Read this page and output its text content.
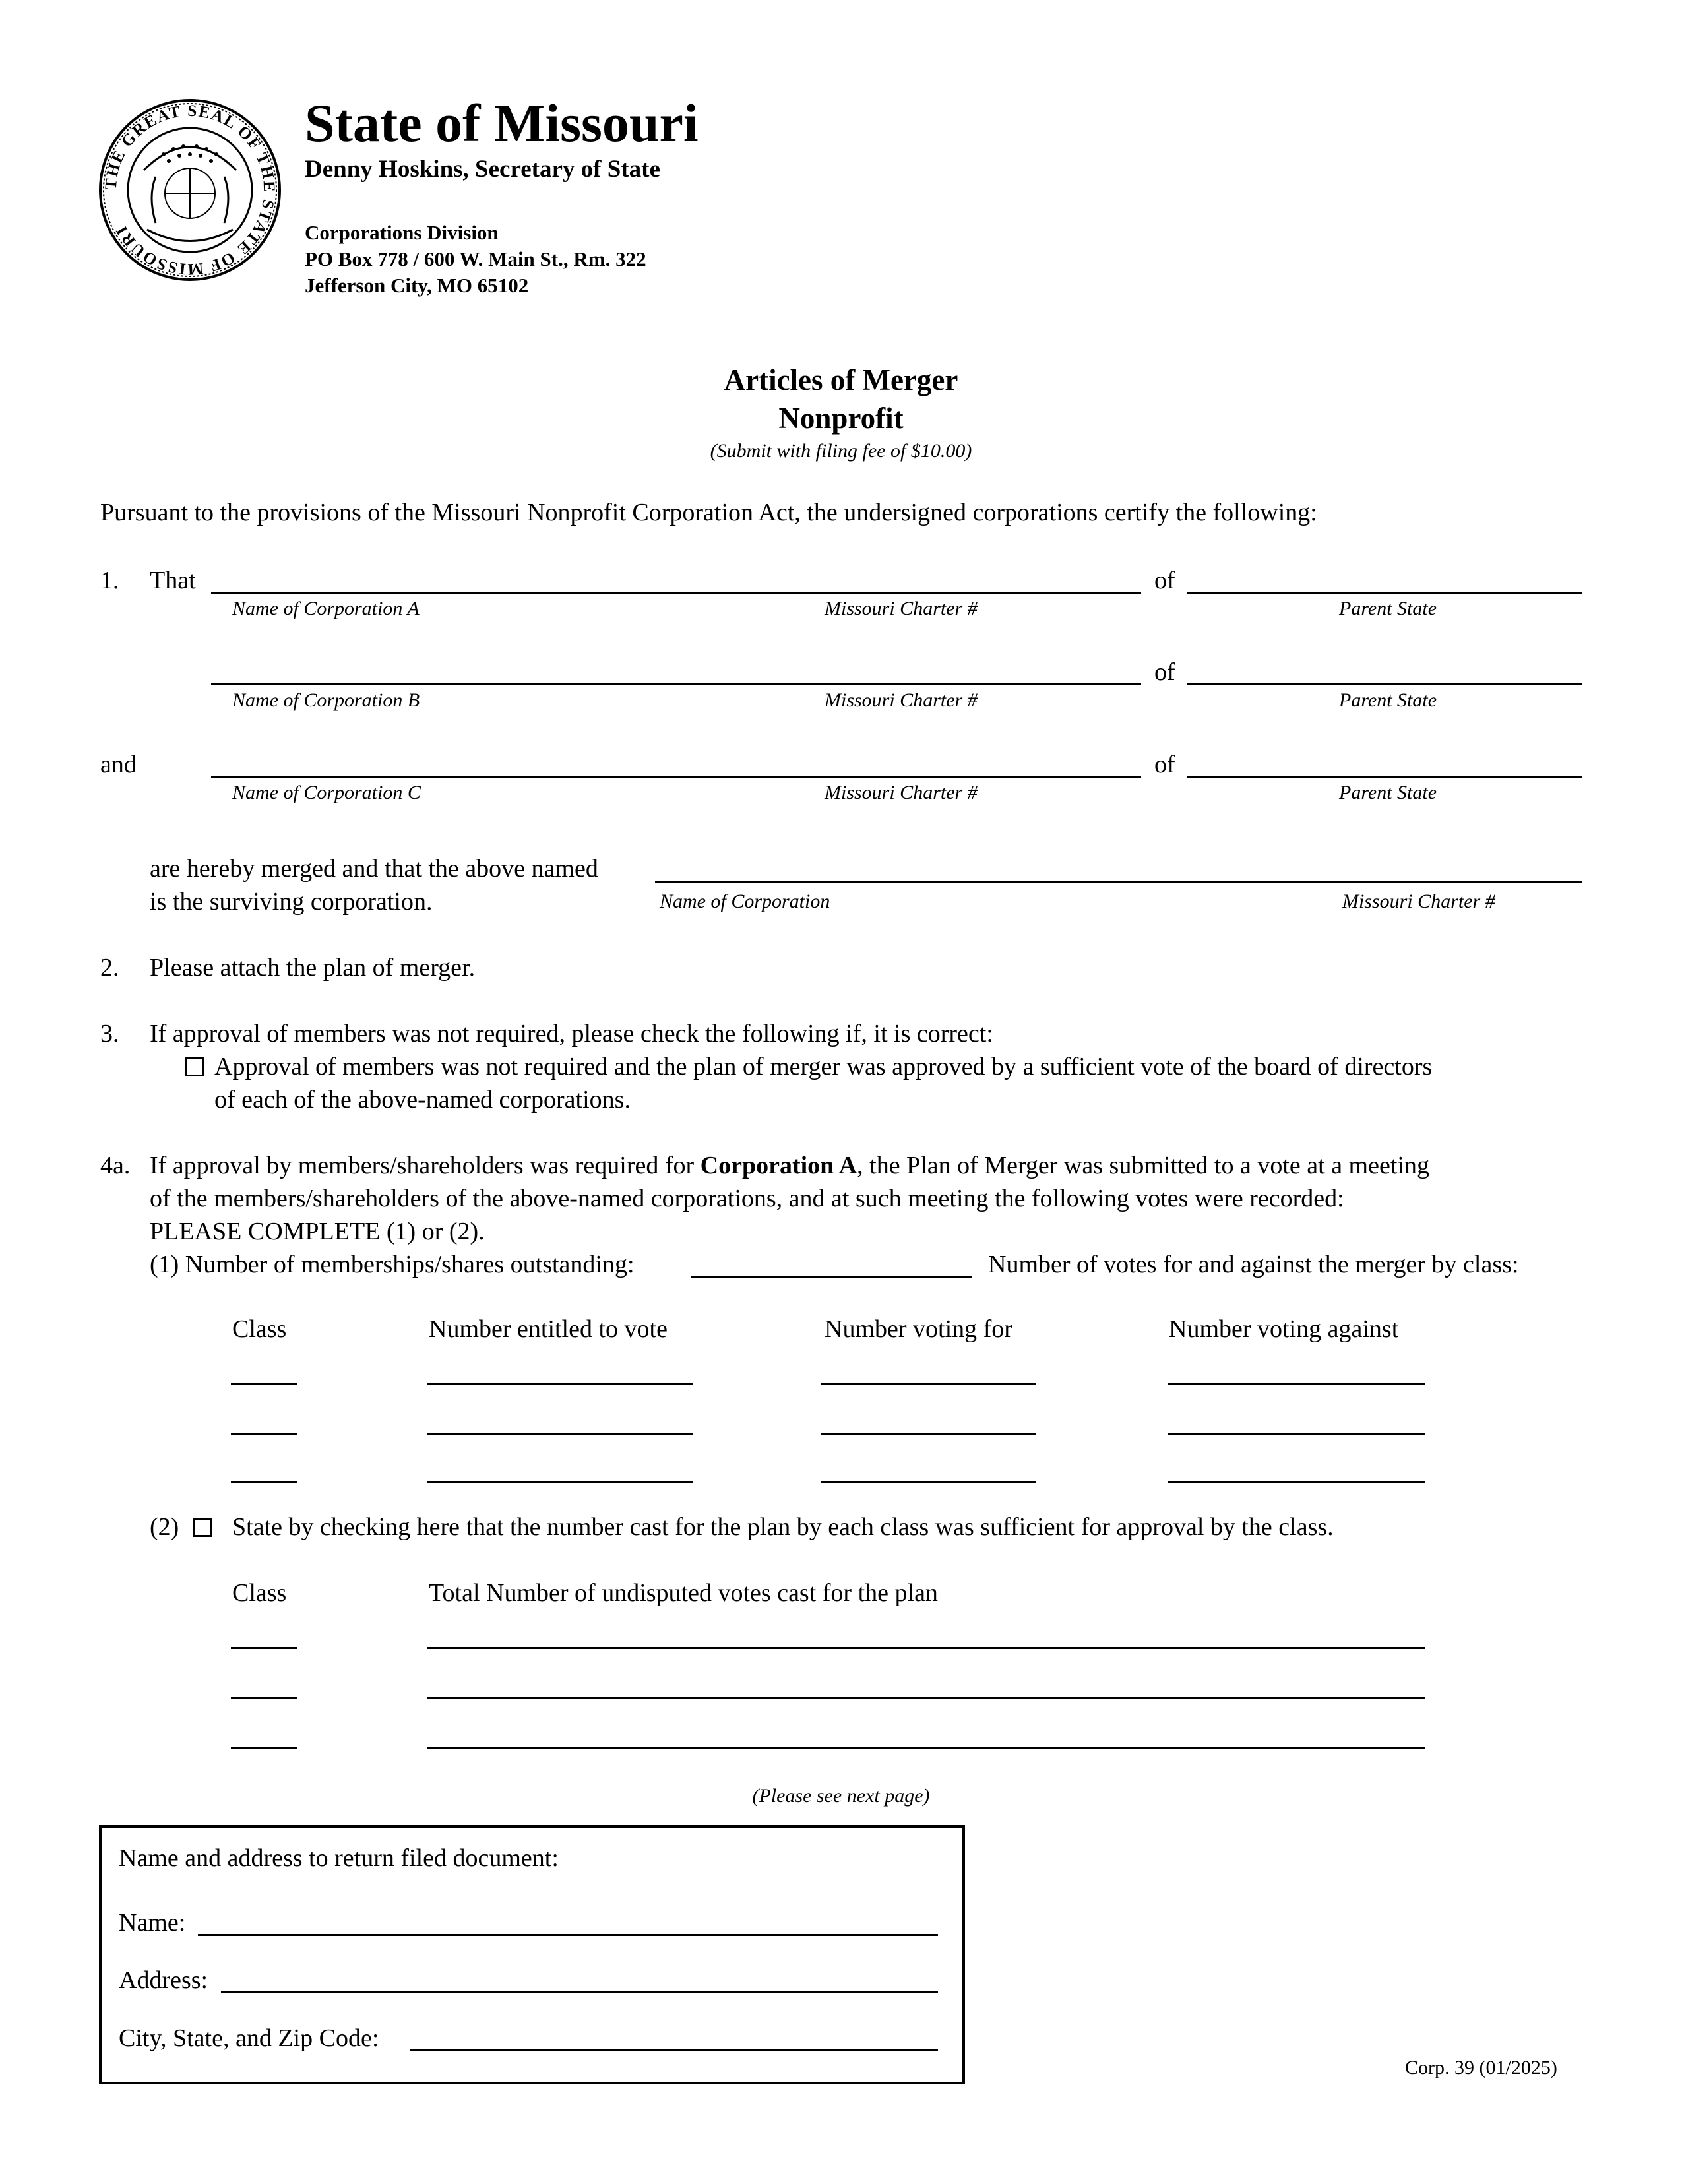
THE GREAT SEAL OF THE STATE OF MISSOURI
State of Missouri
Denny Hoskins, Secretary of State
Corporations Division
PO Box 778 / 600 W. Main St., Rm. 322
Jefferson City, MO 65102
Articles of Merger
Nonprofit
(Submit with filing fee of $10.00)
Pursuant to the provisions of the Missouri Nonprofit Corporation Act, the undersigned corporations certify the following:
1. That	of
Name of Corporation A	Missouri Charter #	Parent State
of
Name of Corporation B	Missouri Charter #	Parent State
and	of
Name of Corporation C	Missouri Charter #	Parent State
are hereby merged and that the above named
is the surviving corporation.	Name of Corporation	Missouri Charter #
2. Please attach the plan of merger.
3. If approval of members was not required, please check the following if, it is correct:
Approval of members was not required and the plan of merger was approved by a sufficient vote of the board of directors
of each of the above-named corporations.
4a. If approval by members/shareholders was required for Corporation A, the Plan of Merger was submitted to a vote at a meeting
of the members/shareholders of the above-named corporations, and at such meeting the following votes were recorded:
PLEASE COMPLETE (1) or (2).
(1) Number of memberships/shares outstanding:	Number of votes for and against the merger by class:
Class	Number entitled to vote	Number voting for	Number voting against
(2) State by checking here that the number cast for the plan by each class was sufficient for approval by the class.
Class	Total Number of undisputed votes cast for the plan
(Please see next page)
Name and address to return filed document:
Name:
Address:
City, State, and Zip Code:
Corp. 39 (01/2025)
